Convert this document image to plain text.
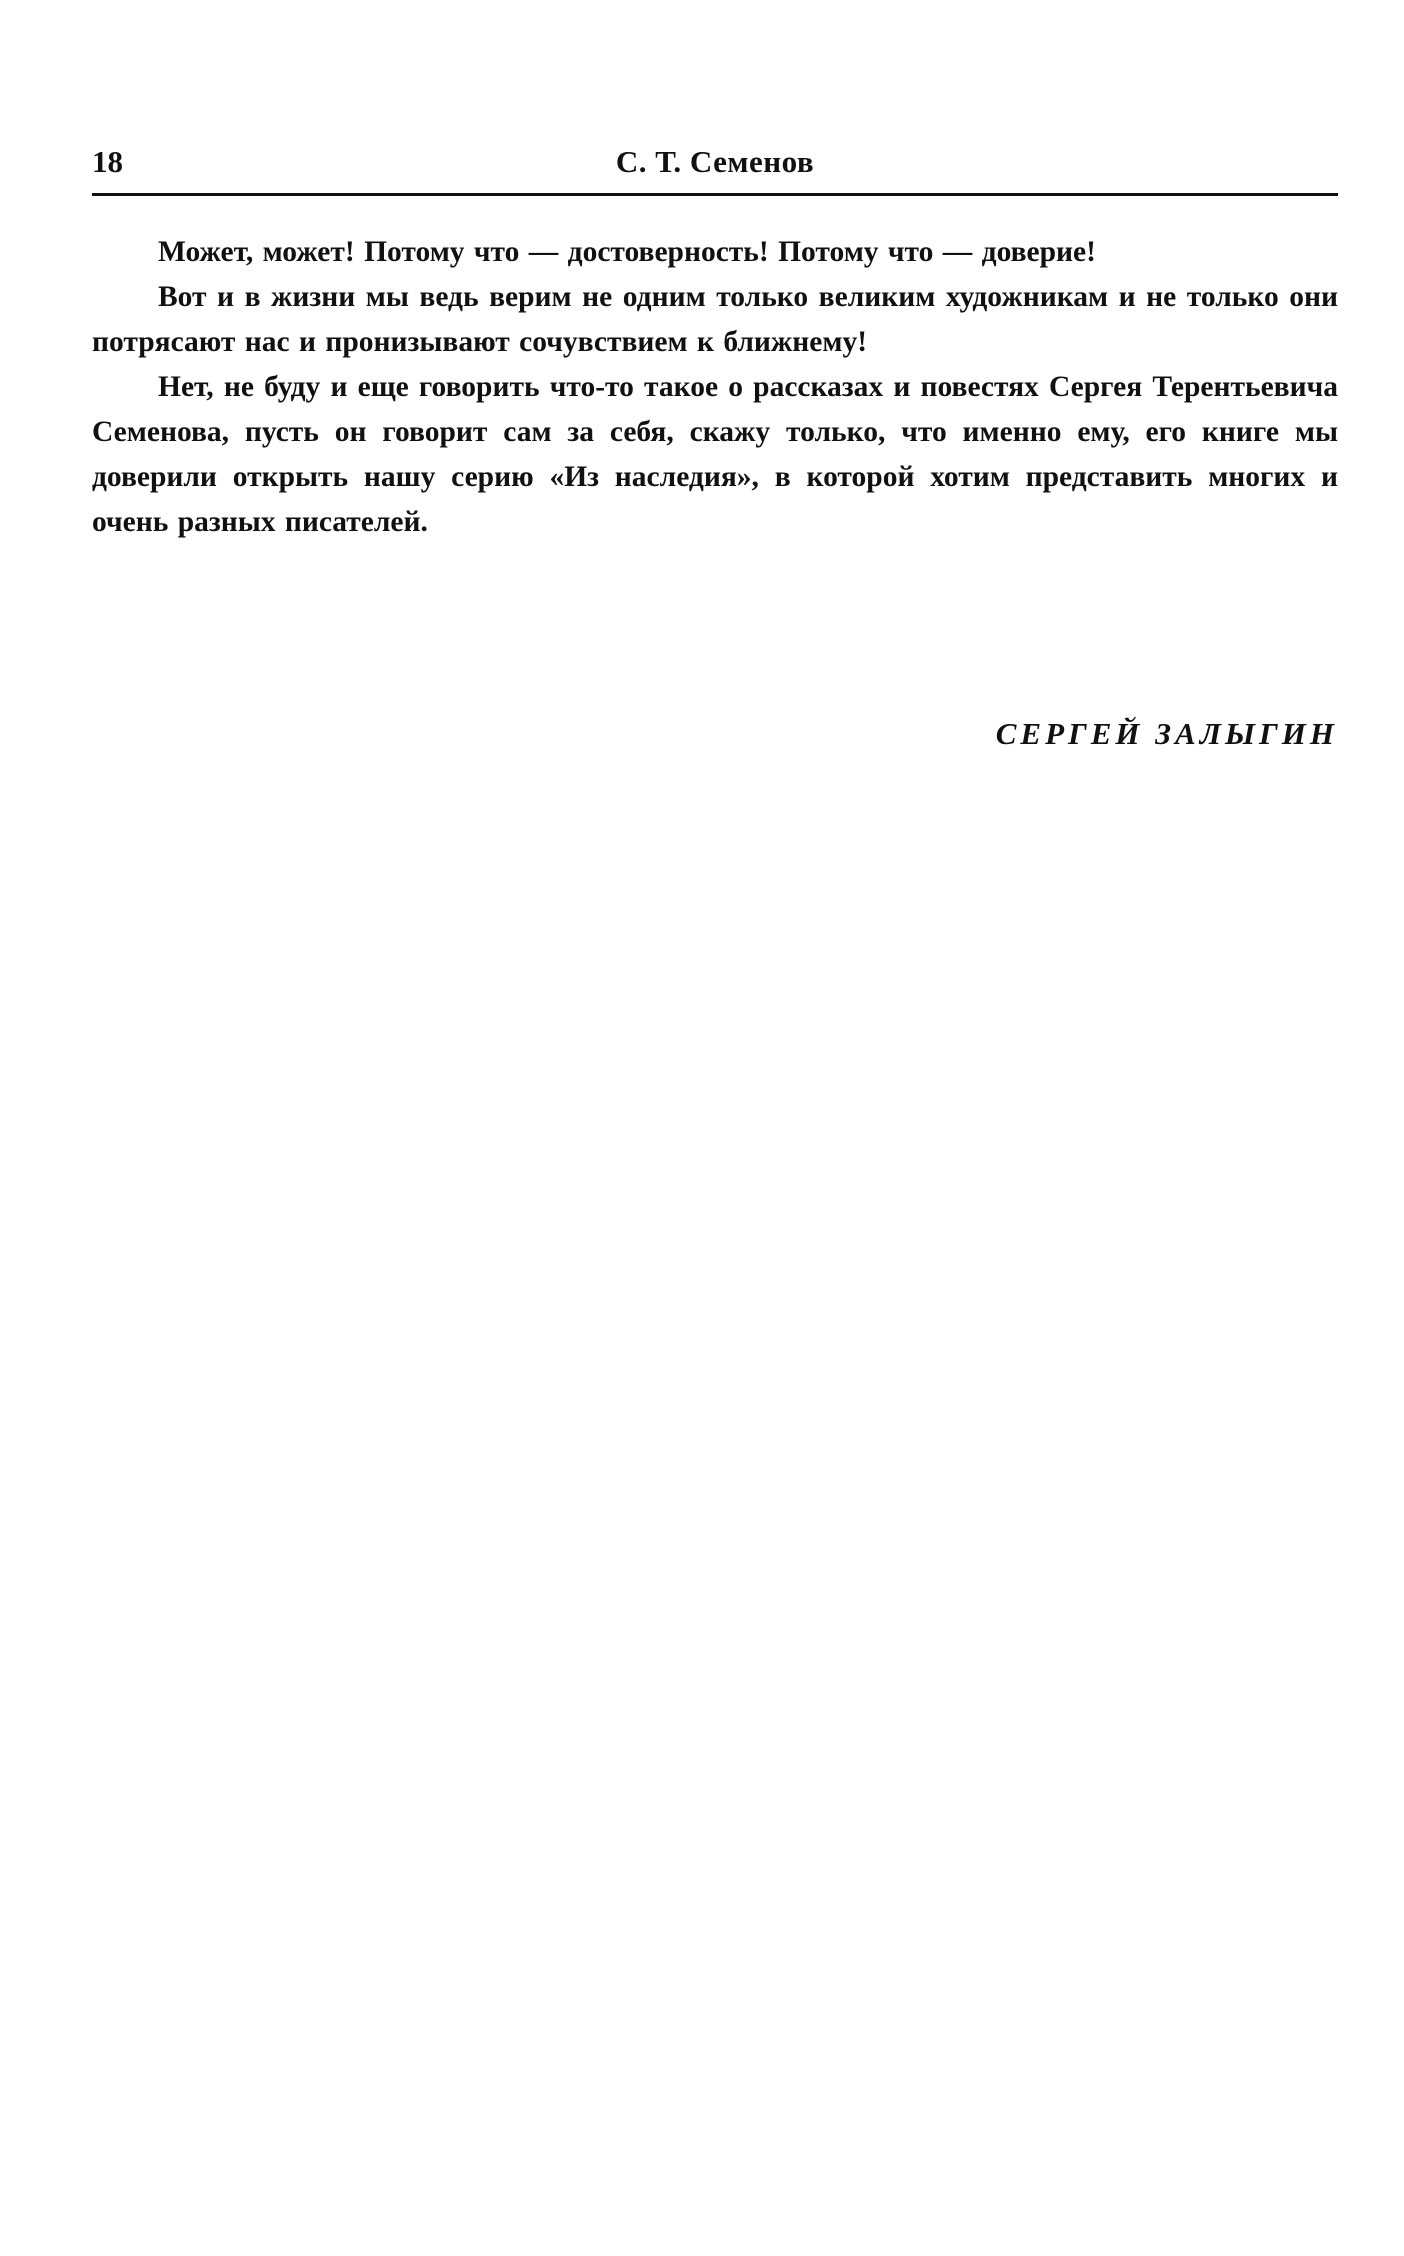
18	С. Т. Семенов

Может, может! Потому что — достоверность! Потому что — доверие!

Вот и в жизни мы ведь верим не одним только великим художникам и не только они потрясают нас и пронизывают сочувствием к ближнему!

Нет, не буду и еще говорить что-то такое о рассказах и повестях Сергея Терентьевича Семенова, пусть он говорит сам за себя, скажу только, что именно ему, его книге мы доверили открыть нашу серию «Из наследия», в которой хотим представить многих и очень разных писателей.

СЕРГЕЙ ЗАЛЫГИН
